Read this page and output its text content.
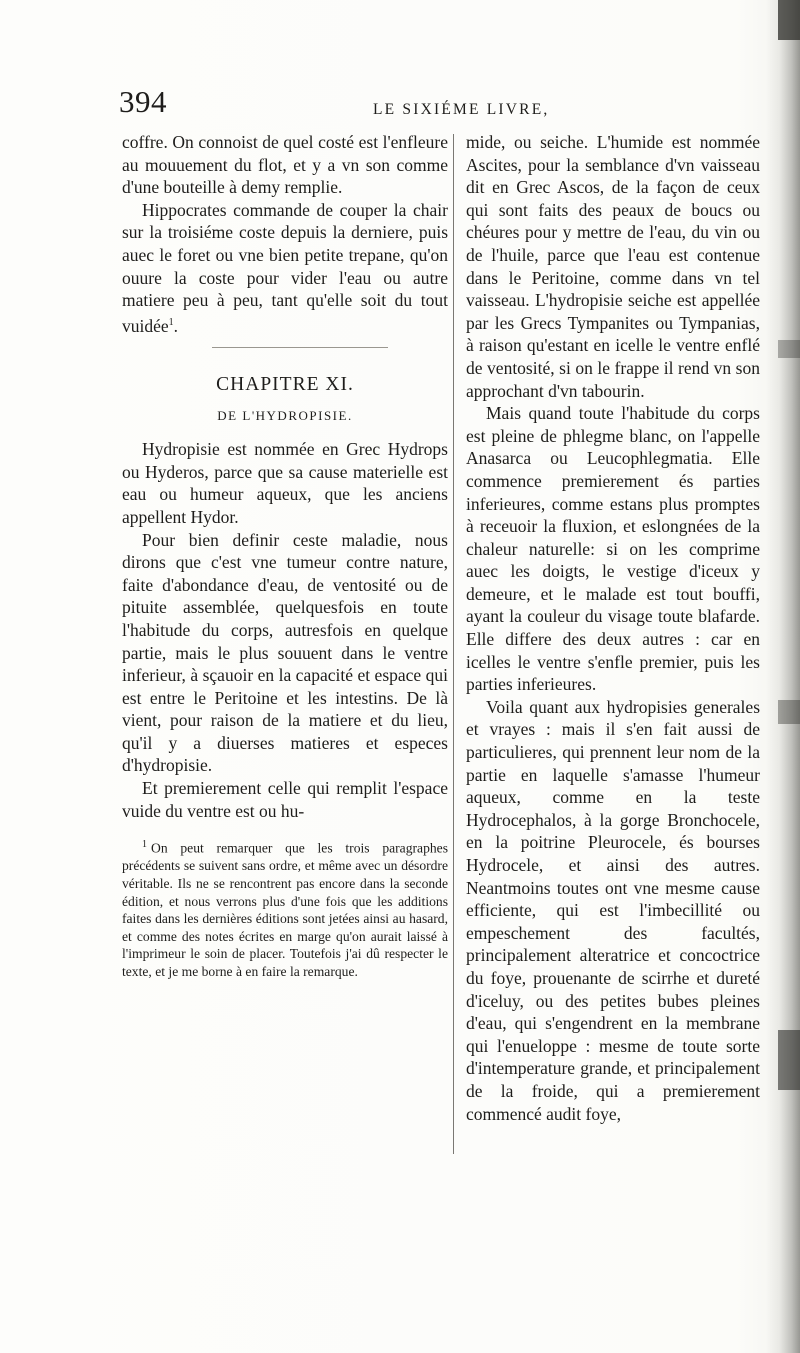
394	LE SIXIÉME LIVRE,

coffre. On connoist de quel costé est l'enfleure au mouuement du flot, et y a vn son comme d'une bouteille à demy remplie.

Hippocrates commande de couper la chair sur la troisiéme coste depuis la derniere, puis auec le foret ou vne bien petite trepane, qu'on ouure la coste pour vider l'eau ou autre matiere peu à peu, tant qu'elle soit du tout vuidée$^1$.

CHAPITRE XI.
DE L'HYDROPISIE.

Hydropisie est nommée en Grec Hydrops ou Hyderos, parce que sa cause materielle est eau ou humeur aqueux, que les anciens appellent Hydor.

Pour bien definir ceste maladie, nous dirons que c'est vne tumeur contre nature, faite d'abondance d'eau, de ventosité ou de pituite assemblée, quelquesfois en toute l'habitude du corps, autresfois en quelque partie, mais le plus souuent dans le ventre inferieur, à sçauoir en la capacité et espace qui est entre le Peritoine et les intestins. De là vient, pour raison de la matiere et du lieu, qu'il y a diuerses matieres et especes d'hydropisie.

Et premierement celle qui remplit l'espace vuide du ventre est ou hu-

$^1$ On peut remarquer que les trois paragraphes précédents se suivent sans ordre, et même avec un désordre véritable. Ils ne se rencontrent pas encore dans la seconde édition, et nous verrons plus d'une fois que les additions faites dans les dernières éditions sont jetées ainsi au hasard, et comme des notes écrites en marge qu'on aurait laissé à l'imprimeur le soin de placer. Toutefois j'ai dû respecter le texte, et je me borne à en faire la remarque.

mide, ou seiche. L'humide est nommée Ascites, pour la semblance d'vn vaisseau dit en Grec Ascos, de la façon de ceux qui sont faits des peaux de boucs ou chéures pour y mettre de l'eau, du vin ou de l'huile, parce que l'eau est contenue dans le Peritoine, comme dans vn tel vaisseau. L'hydropisie seiche est appellée par les Grecs Tympanites ou Tympanias, à raison qu'estant en icelle le ventre enflé de ventosité, si on le frappe il rend vn son approchant d'vn tabourin.

Mais quand toute l'habitude du corps est pleine de phlegme blanc, on l'appelle Anasarca ou Leucophlegmatia. Elle commence premierement és parties inferieures, comme estans plus promptes à receuoir la fluxion, et eslongnées de la chaleur naturelle: si on les comprime auec les doigts, le vestige d'iceux y demeure, et le malade est tout bouffi, ayant la couleur du visage toute blafarde. Elle differe des deux autres : car en icelles le ventre s'enfle premier, puis les parties inferieures.

Voila quant aux hydropisies generales et vrayes : mais il s'en fait aussi de particulieres, qui prennent leur nom de la partie en laquelle s'amasse l'humeur aqueux, comme en la teste Hydrocephalos, à la gorge Bronchocele, en la poitrine Pleurocele, és bourses Hydrocele, et ainsi des autres. Neantmoins toutes ont vne mesme cause efficiente, qui est l'imbecillité ou empeschement des facultés, principalement alteratrice et concoctrice du foye, prouenante de scirrhe et dureté d'iceluy, ou des petites bubes pleines d'eau, qui s'engendrent en la membrane qui l'enueloppe : mesme de toute sorte d'intemperature grande, et principalement de la froide, qui a premierement commencé audit foye,
